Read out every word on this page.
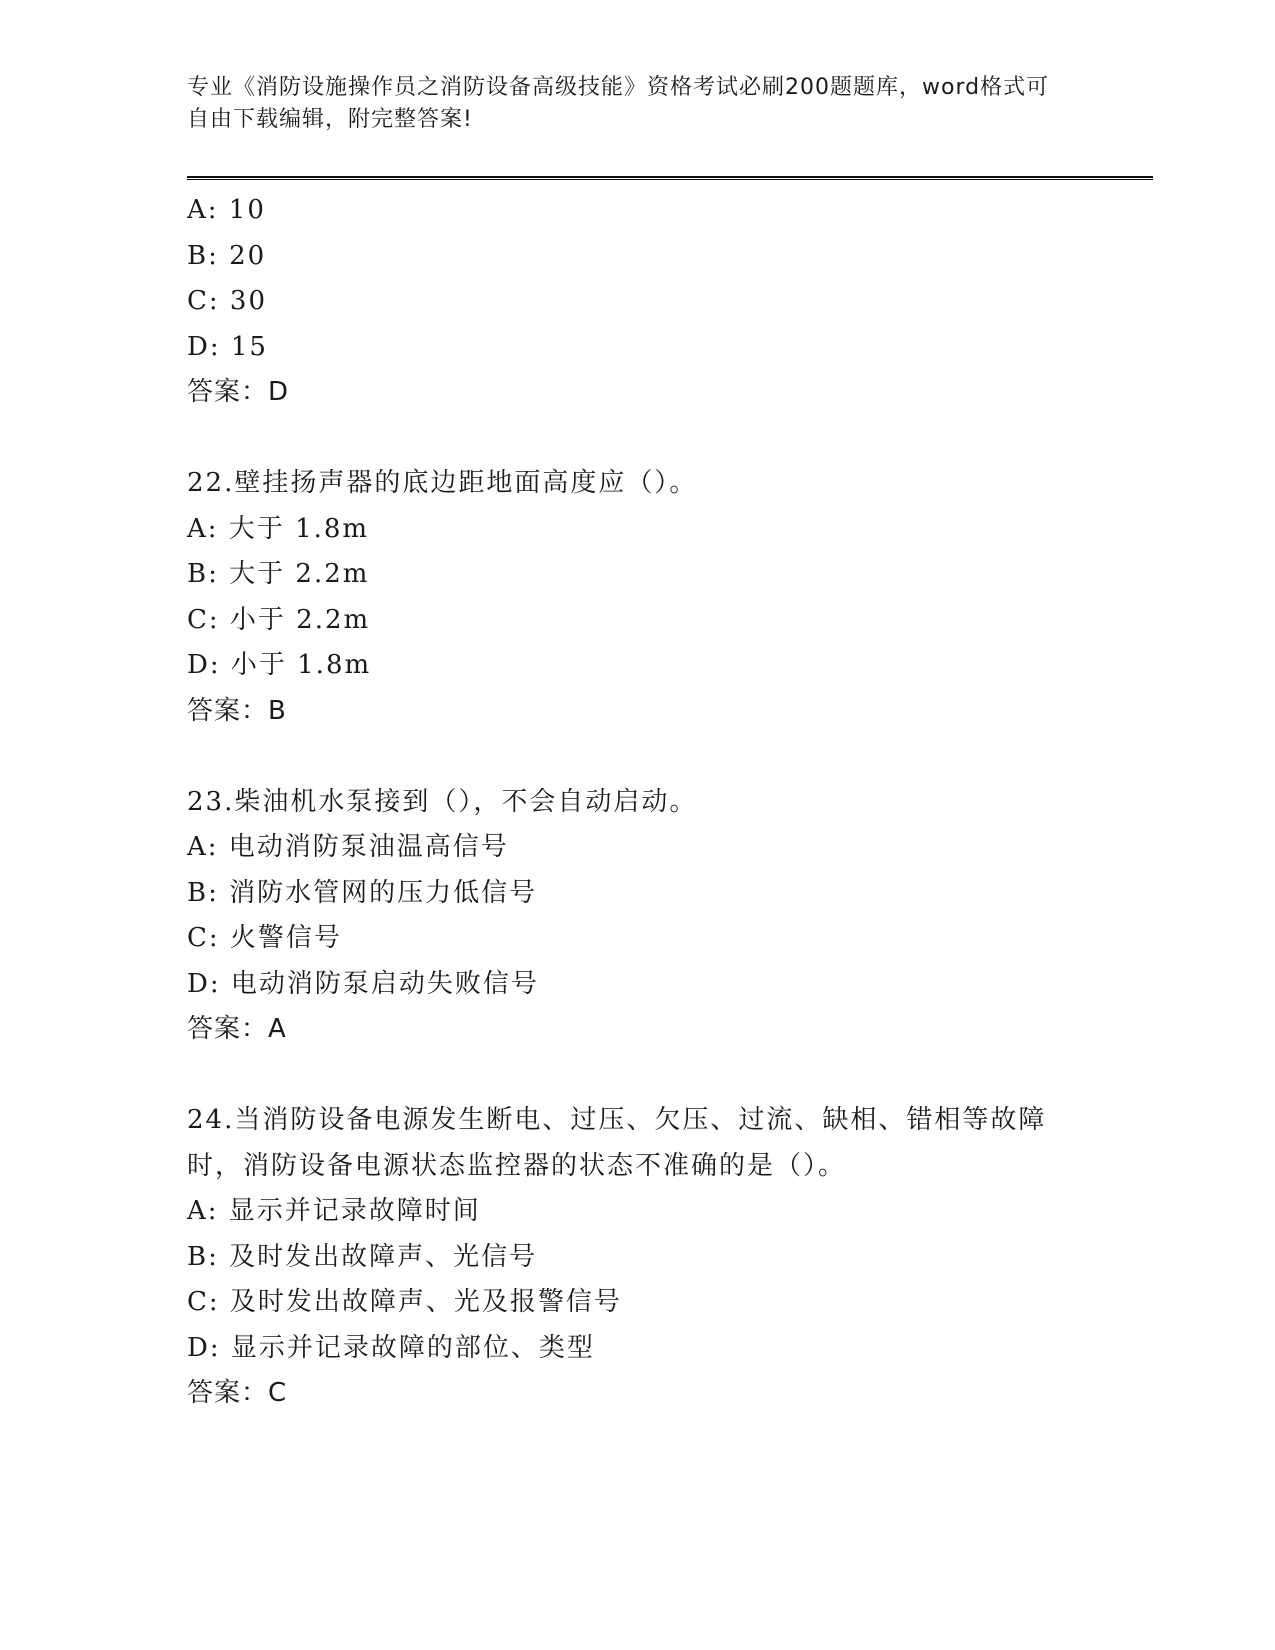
专业《消防设施操作员之消防设备高级技能》资格考试必刷200题题库，word格式可自由下载编辑，附完整答案!
A: 10
B: 20
C: 30
D: 15
答案：D
22.壁挂扬声器的底边距地面高度应（）。
A: 大于 1.8m
B: 大于 2.2m
C: 小于 2.2m
D: 小于 1.8m
答案：B
23.柴油机水泵接到（），不会自动启动。
A: 电动消防泵油温高信号
B: 消防水管网的压力低信号
C: 火警信号
D: 电动消防泵启动失败信号
答案：A
24.当消防设备电源发生断电、过压、欠压、过流、缺相、错相等故障时，消防设备电源状态监控器的状态不准确的是（）。
A: 显示并记录故障时间
B: 及时发出故障声、光信号
C: 及时发出故障声、光及报警信号
D: 显示并记录故障的部位、类型
答案：C
